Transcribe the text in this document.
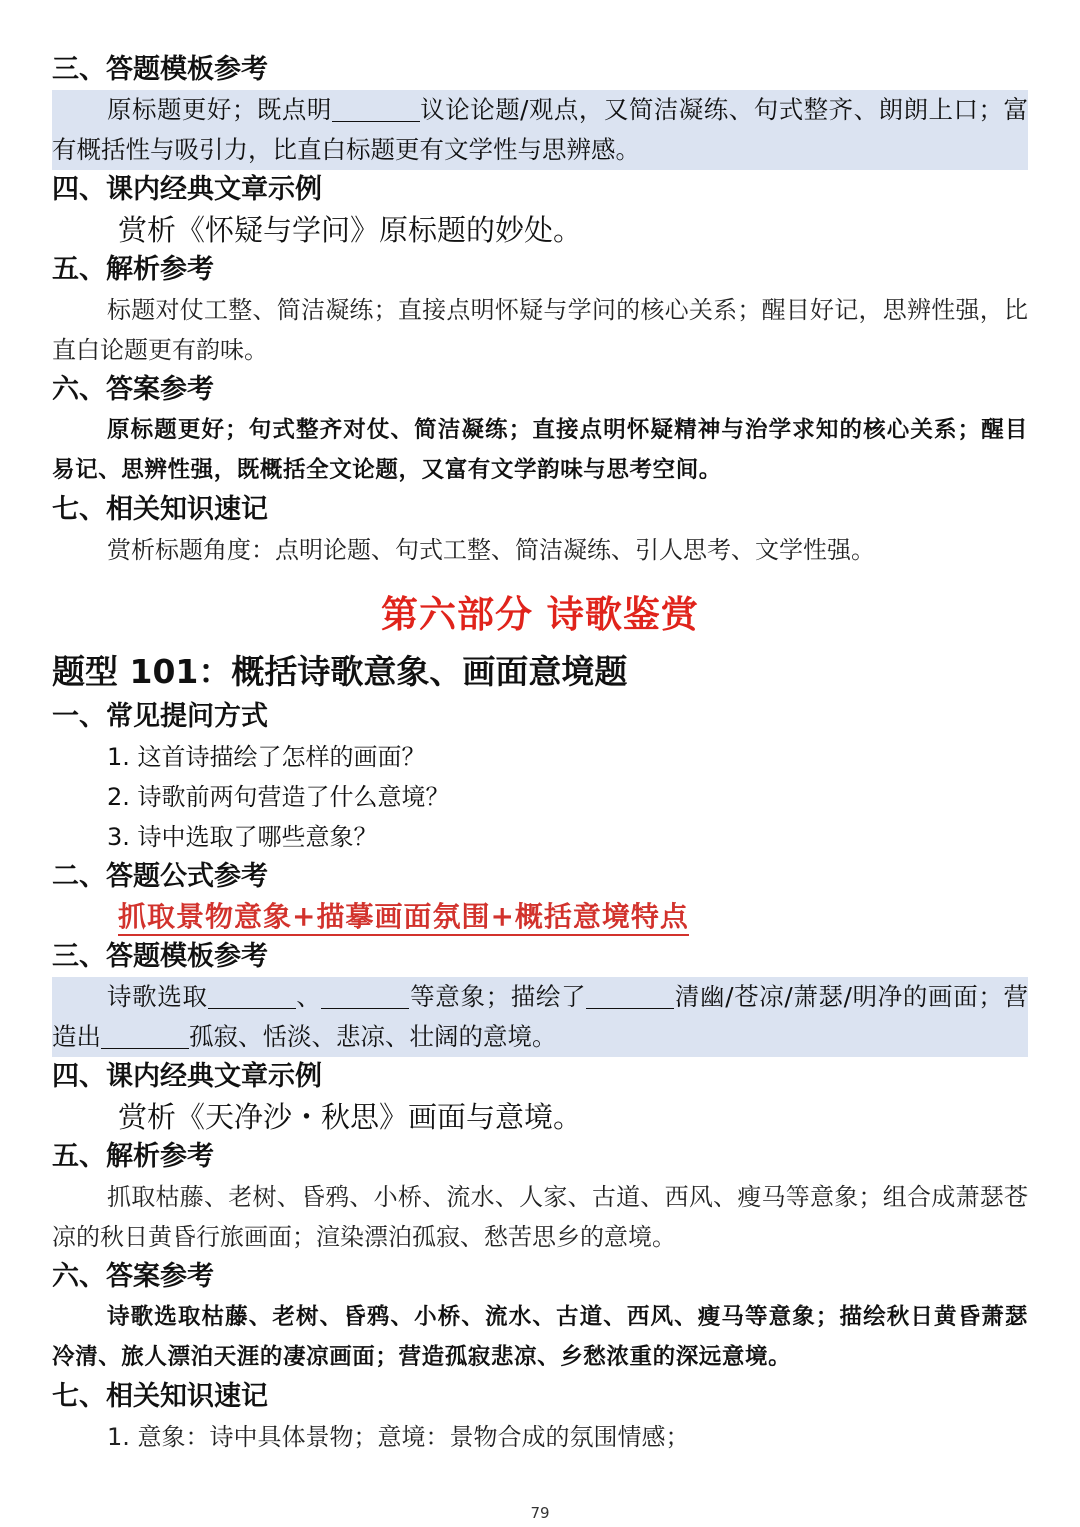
三、答题模板参考
原标题更好；既点明	议论论题/观点，又简洁凝练、句式整齐、朗朗上口；富有概括性与吸引力，比直白标题更有文学性与思辨感。
四、课内经典文章示例
赏析《怀疑与学问》原标题的妙处。
五、解析参考
标题对仗工整、简洁凝练；直接点明怀疑与学问的核心关系；醒目好记，思辨性强，比直白论题更有韵味。
六、答案参考
原标题更好；句式整齐对仗、简洁凝练；直接点明怀疑精神与治学求知的核心关系；醒目易记、思辨性强，既概括全文论题，又富有文学韵味与思考空间。
七、相关知识速记
赏析标题角度：点明论题、句式工整、简洁凝练、引人思考、文学性强。
第六部分 诗歌鉴赏
题型 101：概括诗歌意象、画面意境题
一、常见提问方式
1. 这首诗描绘了怎样的画面？
2. 诗歌前两句营造了什么意境？
3. 诗中选取了哪些意象？
二、答题公式参考
抓取景物意象+描摹画面氛围+概括意境特点
三、答题模板参考
诗歌选取	、	等意象；描绘了	清幽/苍凉/萧瑟/明净的画面；营造出	孤寂、恬淡、悲凉、壮阔的意境。
四、课内经典文章示例
赏析《天净沙・秋思》画面与意境。
五、解析参考
抓取枯藤、老树、昏鸦、小桥、流水、人家、古道、西风、瘦马等意象；组合成萧瑟苍凉的秋日黄昏行旅画面；渲染漂泊孤寂、愁苦思乡的意境。
六、答案参考
诗歌选取枯藤、老树、昏鸦、小桥、流水、古道、西风、瘦马等意象；描绘秋日黄昏萧瑟冷清、旅人漂泊天涯的凄凉画面；营造孤寂悲凉、乡愁浓重的深远意境。
七、相关知识速记
1. 意象：诗中具体景物；意境：景物合成的氛围情感；
79
